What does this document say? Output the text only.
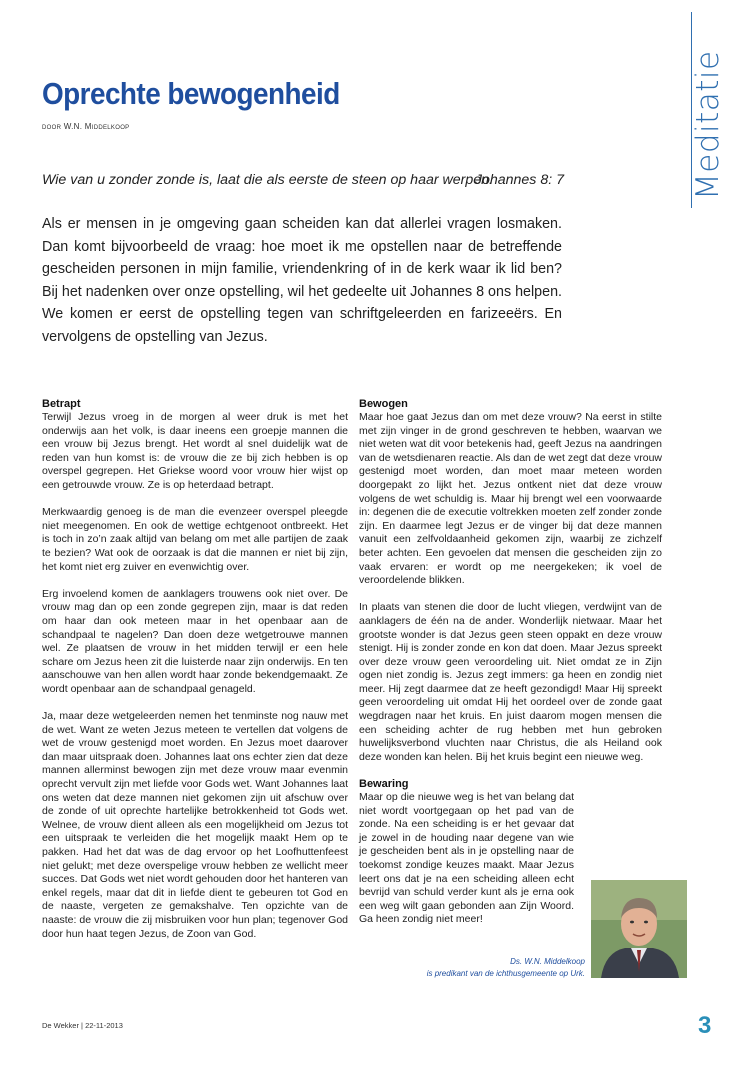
Meditatie
Oprechte bewogenheid
door W.N. Middelkoop
Wie van u zonder zonde is, laat die als eerste de steen op haar werpen.
Johannes 8: 7

Als er mensen in je omgeving gaan scheiden kan dat allerlei vragen losmaken. Dan komt bijvoorbeeld de vraag: hoe moet ik me opstellen naar de betreffende gescheiden personen in mijn familie, vriendenkring of in de kerk waar ik lid ben? Bij het nadenken over onze opstelling, wil het gedeelte uit Johannes 8 ons helpen. We komen er eerst de opstelling tegen van schriftgeleerden en farizeeërs. En vervolgens de opstelling van Jezus.

Betrapt

Terwijl Jezus vroeg in de morgen al weer druk is met het onderwijs aan het volk, is daar ineens een groepje mannen die een vrouw bij Jezus brengt. Het wordt al snel duidelijk wat de reden van hun komst is: de vrouw die ze bij zich hebben is op overspel gegrepen. Het Griekse woord voor vrouw hier wijst op een getrouwde vrouw. Ze is op heterdaad betrapt.

Merkwaardig genoeg is de man die evenzeer overspel pleegde niet meegenomen. En ook de wettige echtgenoot ontbreekt. Het is toch in zo’n zaak altijd van belang om met alle partijen de zaak te bezien? Wat ook de oorzaak is dat die mannen er niet bij zijn, het komt niet erg zuiver en evenwichtig over.

Erg invoelend komen de aanklagers trouwens ook niet over. De vrouw mag dan op een zonde gegrepen zijn, maar is dat reden om haar dan ook meteen maar in het openbaar aan de schandpaal te nagelen? Dan doen deze wetgetrouwe mannen wel. Ze plaatsen de vrouw in het midden terwijl er een hele schare om Jezus heen zit die luisterde naar zijn onderwijs. En ten aanschouwe van hen allen wordt haar zonde bekendgemaakt. Ze wordt openbaar aan de schandpaal genageld.

Ja, maar deze wetgeleerden nemen het tenminste nog nauw met de wet. Want ze weten Jezus meteen te vertellen dat volgens de wet de vrouw gestenigd moet worden. En Jezus moet daarover dan maar uitspraak doen. Johannes laat ons echter zien dat deze mannen allerminst bewogen zijn met deze vrouw maar evenmin oprecht vervult zijn met liefde voor Gods wet. Want Johannes laat ons weten dat deze mannen niet gekomen zijn uit afschuw over de zonde of uit oprechte hartelijke betrokkenheid tot Gods wet. Welnee, de vrouw dient alleen als een mogelijkheid om Jezus tot een uitspraak te verleiden die het mogelijk maakt Hem op te pakken. Had het dat was de dag ervoor op het Loofhuttenfeest niet gelukt; met deze overspelige vrouw hebben ze wellicht meer succes. Dat Gods wet niet wordt gehouden door het hanteren van enkel regels, maar dat dit in liefde dient te gebeuren tot God en de naaste, vergeten ze gemakshalve. Ten opzichte van de naaste: de vrouw die zij misbruiken voor hun plan; tegenover God door hun haat tegen Jezus, de Zoon van God.

Bewogen

Maar hoe gaat Jezus dan om met deze vrouw? Na eerst in stilte met zijn vinger in de grond geschreven te hebben, waarvan we niet weten wat dit voor betekenis had, geeft Jezus na aandringen van de wetsdienaren reactie. Als dan de wet zegt dat deze vrouw gestenigd moet worden, dan moet maar meteen worden doorgepakt zo lijkt het. Jezus ontkent niet dat deze vrouw volgens de wet schuldig is. Maar hij brengt wel een voorwaarde in: degenen die de executie voltrekken moeten zelf zonder zonde zijn. En daarmee legt Jezus er de vinger bij dat deze mannen vanuit een zelfvoldaanheid gekomen zijn, waarbij ze zichzelf beter achten. Een gevoelen dat mensen die gescheiden zijn zo vaak ervaren: er wordt op me neergekeken; ik voel de veroordelende blikken.

In plaats van stenen die door de lucht vliegen, verdwijnt van de aanklagers de één na de ander. Wonderlijk nietwaar. Maar het grootste wonder is dat Jezus geen steen oppakt en deze vrouw stenigt. Hij is zonder zonde en kon dat doen. Maar Jezus spreekt over deze vrouw geen veroordeling uit. Niet omdat ze in Zijn ogen niet zondig is. Jezus zegt immers: ga heen en zondig niet meer. Hij zegt daarmee dat ze heeft gezondigd! Maar Hij spreekt geen veroordeling uit omdat Hij het oordeel over de zonde gaat wegdragen naar het kruis. En juist daarom mogen mensen die een scheiding achter de rug hebben met hun gebroken huwelijksverbond vluchten naar Christus, die als Heiland ook deze wonden kan helen. Bij het kruis begint een nieuwe weg.

Bewaring

Maar op die nieuwe weg is het van belang dat niet wordt voortgegaan op het pad van de zonde. Na een scheiding is er het gevaar dat je zowel in de houding naar degene van wie je gescheiden bent als in je opstelling naar de toekomst zondige keuzes maakt. Maar Jezus leert ons dat je na een scheiding alleen echt bevrijd van schuld verder kunt als je erna ook een weg wilt gaan gebonden aan Zijn Woord. Ga heen zondig niet meer!

Ds. W.N. Middelkoop
is predikant van de ichthusgemeente op Urk.
De Wekker | 22-11-2013	3
